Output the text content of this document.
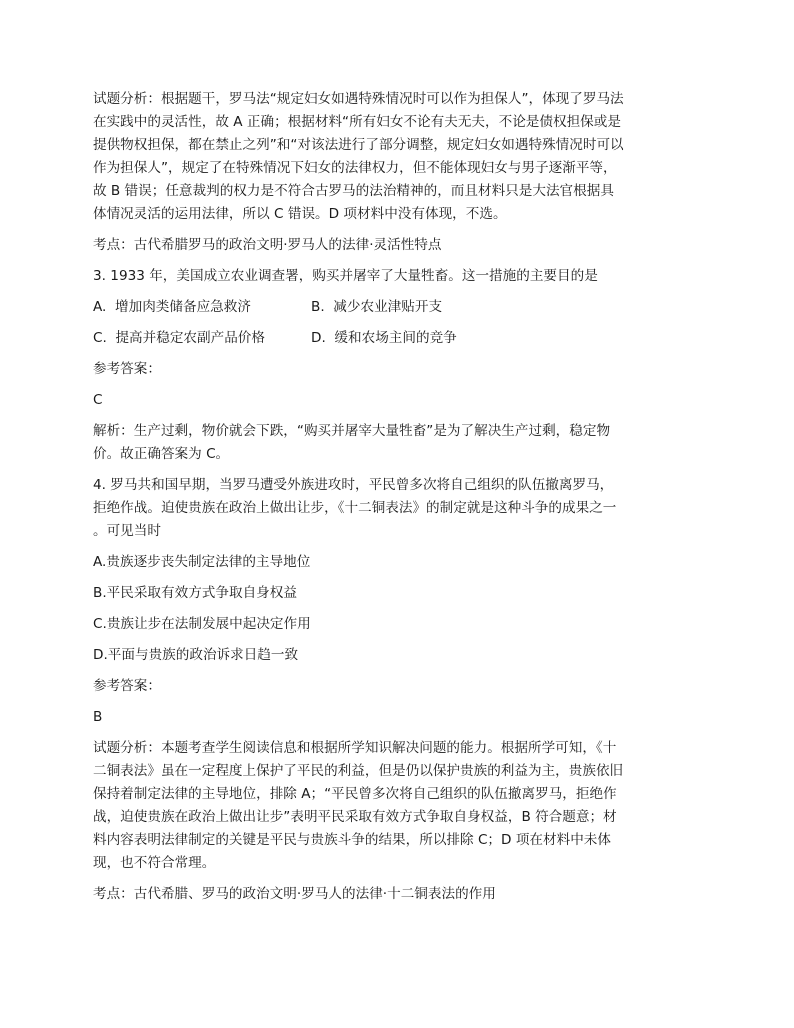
试题分析：根据题干，罗马法“规定妇女如遇特殊情况时可以作为担保人”，体现了罗马法
在实践中的灵活性，故 A 正确；根据材料“所有妇女不论有夫无夫，不论是债权担保或是
提供物权担保，都在禁止之列”和“对该法进行了部分调整，规定妇女如遇特殊情况时可以
作为担保人”，规定了在特殊情况下妇女的法律权力，但不能体现妇女与男子逐渐平等，
故 B 错误；任意裁判的权力是不符合古罗马的法治精神的，而且材料只是大法官根据具
体情况灵活的运用法律，所以 C 错误。D 项材料中没有体现，不选。
考点：古代希腊罗马的政治文明·罗马人的法律·灵活性特点
3. 1933 年，美国成立农业调查署，购买并屠宰了大量牲畜。这一措施的主要目的是
A.  增加肉类储备应急救济	B.  减少农业津贴开支
C.  提高并稳定农副产品价格	D.  缓和农场主间的竞争
参考答案：
C
解析：生产过剩，物价就会下跌，“购买并屠宰大量牲畜”是为了解决生产过剩，稳定物
价。故正确答案为 C。
4. 罗马共和国早期，当罗马遭受外族进攻时，平民曾多次将自己组织的队伍撤离罗马，
拒绝作战。迫使贵族在政治上做出让步，《十二铜表法》的制定就是这种斗争的成果之一
。可见当时
A.贵族逐步丧失制定法律的主导地位
B.平民采取有效方式争取自身权益
C.贵族让步在法制发展中起决定作用
D.平面与贵族的政治诉求日趋一致
参考答案：
B
试题分析：本题考查学生阅读信息和根据所学知识解决问题的能力。根据所学可知，《十
二铜表法》虽在一定程度上保护了平民的利益，但是仍以保护贵族的利益为主，贵族依旧
保持着制定法律的主导地位，排除 A；“平民曾多次将自己组织的队伍撤离罗马，拒绝作
战，迫使贵族在政治上做出让步”表明平民采取有效方式争取自身权益，B 符合题意；材
料内容表明法律制定的关键是平民与贵族斗争的结果，所以排除 C；D 项在材料中未体
现，也不符合常理。
考点：古代希腊、罗马的政治文明·罗马人的法律·十二铜表法的作用
